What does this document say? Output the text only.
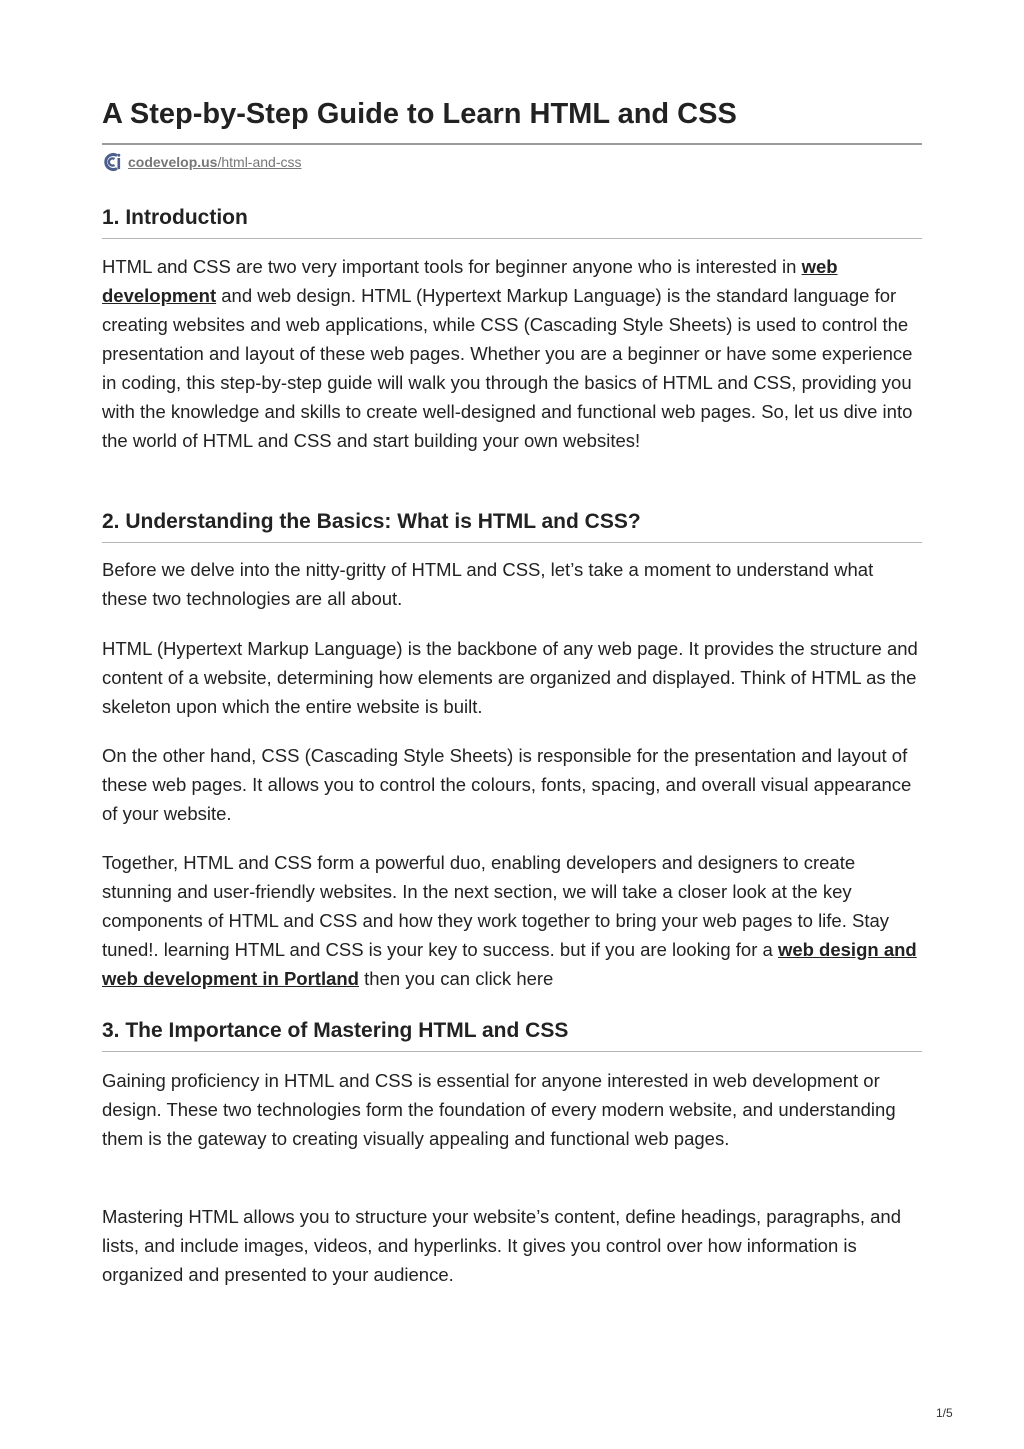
A Step-by-Step Guide to Learn HTML and CSS
codevelop.us/html-and-css
1. Introduction

HTML and CSS are two very important tools for beginner anyone who is interested in web development and web design. HTML (Hypertext Markup Language) is the standard language for creating websites and web applications, while CSS (Cascading Style Sheets) is used to control the presentation and layout of these web pages. Whether you are a beginner or have some experience in coding, this step-by-step guide will walk you through the basics of HTML and CSS, providing you with the knowledge and skills to create well-designed and functional web pages. So, let us dive into the world of HTML and CSS and start building your own websites!

2. Understanding the Basics: What is HTML and CSS?

Before we delve into the nitty-gritty of HTML and CSS, let’s take a moment to understand what these two technologies are all about.

HTML (Hypertext Markup Language) is the backbone of any web page. It provides the structure and content of a website, determining how elements are organized and displayed. Think of HTML as the skeleton upon which the entire website is built.

On the other hand, CSS (Cascading Style Sheets) is responsible for the presentation and layout of these web pages. It allows you to control the colours, fonts, spacing, and overall visual appearance of your website.

Together, HTML and CSS form a powerful duo, enabling developers and designers to create stunning and user-friendly websites. In the next section, we will take a closer look at the key components of HTML and CSS and how they work together to bring your web pages to life. Stay tuned!. learning HTML and CSS is your key to success. but if you are looking for a web design and web development in Portland then you can click here

3. The Importance of Mastering HTML and CSS

Gaining proficiency in HTML and CSS is essential for anyone interested in web development or design. These two technologies form the foundation of every modern website, and understanding them is the gateway to creating visually appealing and functional web pages.

Mastering HTML allows you to structure your website’s content, define headings, paragraphs, and lists, and include images, videos, and hyperlinks. It gives you control over how information is organized and presented to your audience.

1/5
